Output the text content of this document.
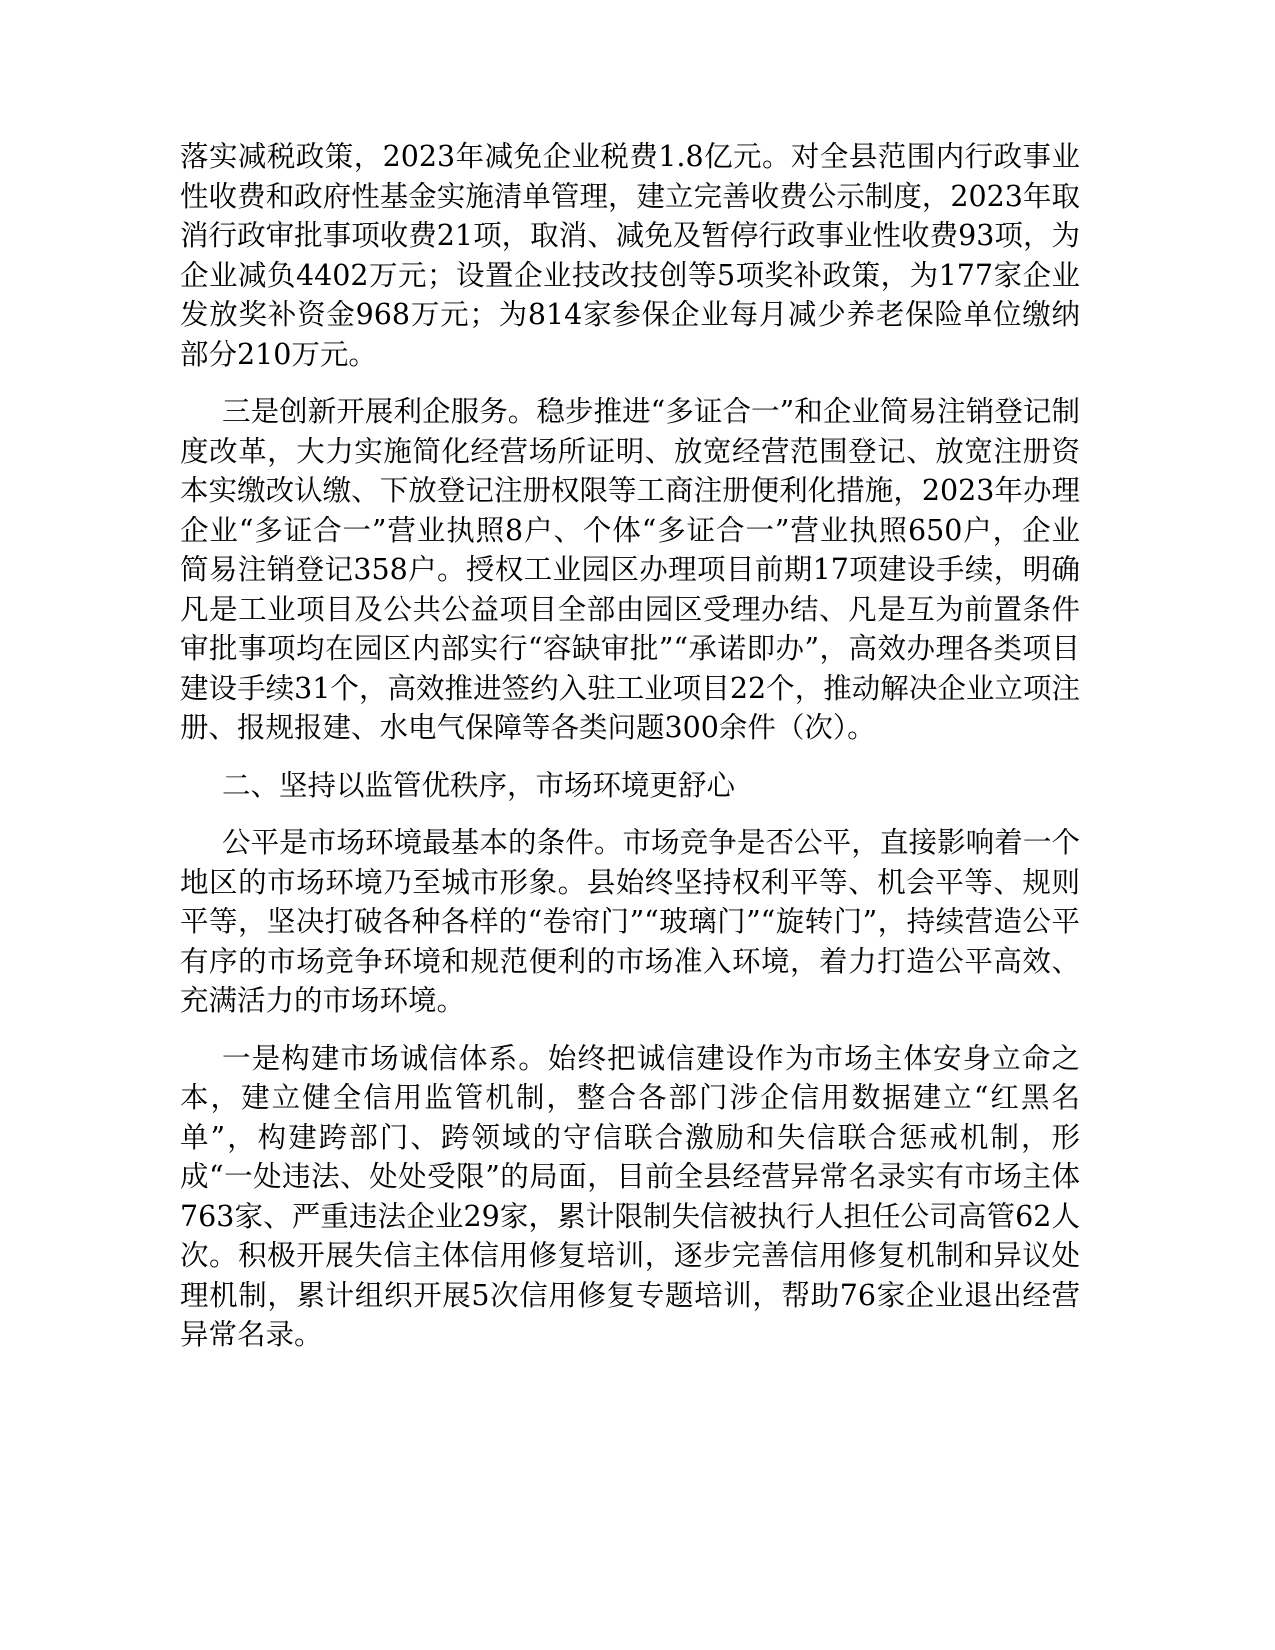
落实减税政策，2023年减免企业税费1.8亿元。对全县范围内行政事业性收费和政府性基金实施清单管理，建立完善收费公示制度，2023年取消行政审批事项收费21项，取消、减免及暂停行政事业性收费93项，为企业减负4402万元；设置企业技改技创等5项奖补政策，为177家企业发放奖补资金968万元；为814家参保企业每月减少养老保险单位缴纳部分210万元。

三是创新开展利企服务。稳步推进“多证合一”和企业简易注销登记制度改革，大力实施简化经营场所证明、放宽经营范围登记、放宽注册资本实缴改认缴、下放登记注册权限等工商注册便利化措施，2023年办理企业“多证合一”营业执照8户、个体“多证合一”营业执照650户，企业简易注销登记358户。授权工业园区办理项目前期17项建设手续，明确凡是工业项目及公共公益项目全部由园区受理办结、凡是互为前置条件审批事项均在园区内部实行“容缺审批”“承诺即办”，高效办理各类项目建设手续31个，高效推进签约入驻工业项目22个，推动解决企业立项注册、报规报建、水电气保障等各类问题300余件（次）。

二、坚持以监管优秩序，市场环境更舒心

公平是市场环境最基本的条件。市场竞争是否公平，直接影响着一个地区的市场环境乃至城市形象。县始终坚持权利平等、机会平等、规则平等，坚决打破各种各样的“卷帘门”“玻璃门”“旋转门”，持续营造公平有序的市场竞争环境和规范便利的市场准入环境，着力打造公平高效、充满活力的市场环境。

一是构建市场诚信体系。始终把诚信建设作为市场主体安身立命之本，建立健全信用监管机制，整合各部门涉企信用数据建立“红黑名单”，构建跨部门、跨领域的守信联合激励和失信联合惩戒机制，形成“一处违法、处处受限”的局面，目前全县经营异常名录实有市场主体763家、严重违法企业29家，累计限制失信被执行人担任公司高管62人次。积极开展失信主体信用修复培训，逐步完善信用修复机制和异议处理机制，累计组织开展5次信用修复专题培训，帮助76家企业退出经营异常名录。
